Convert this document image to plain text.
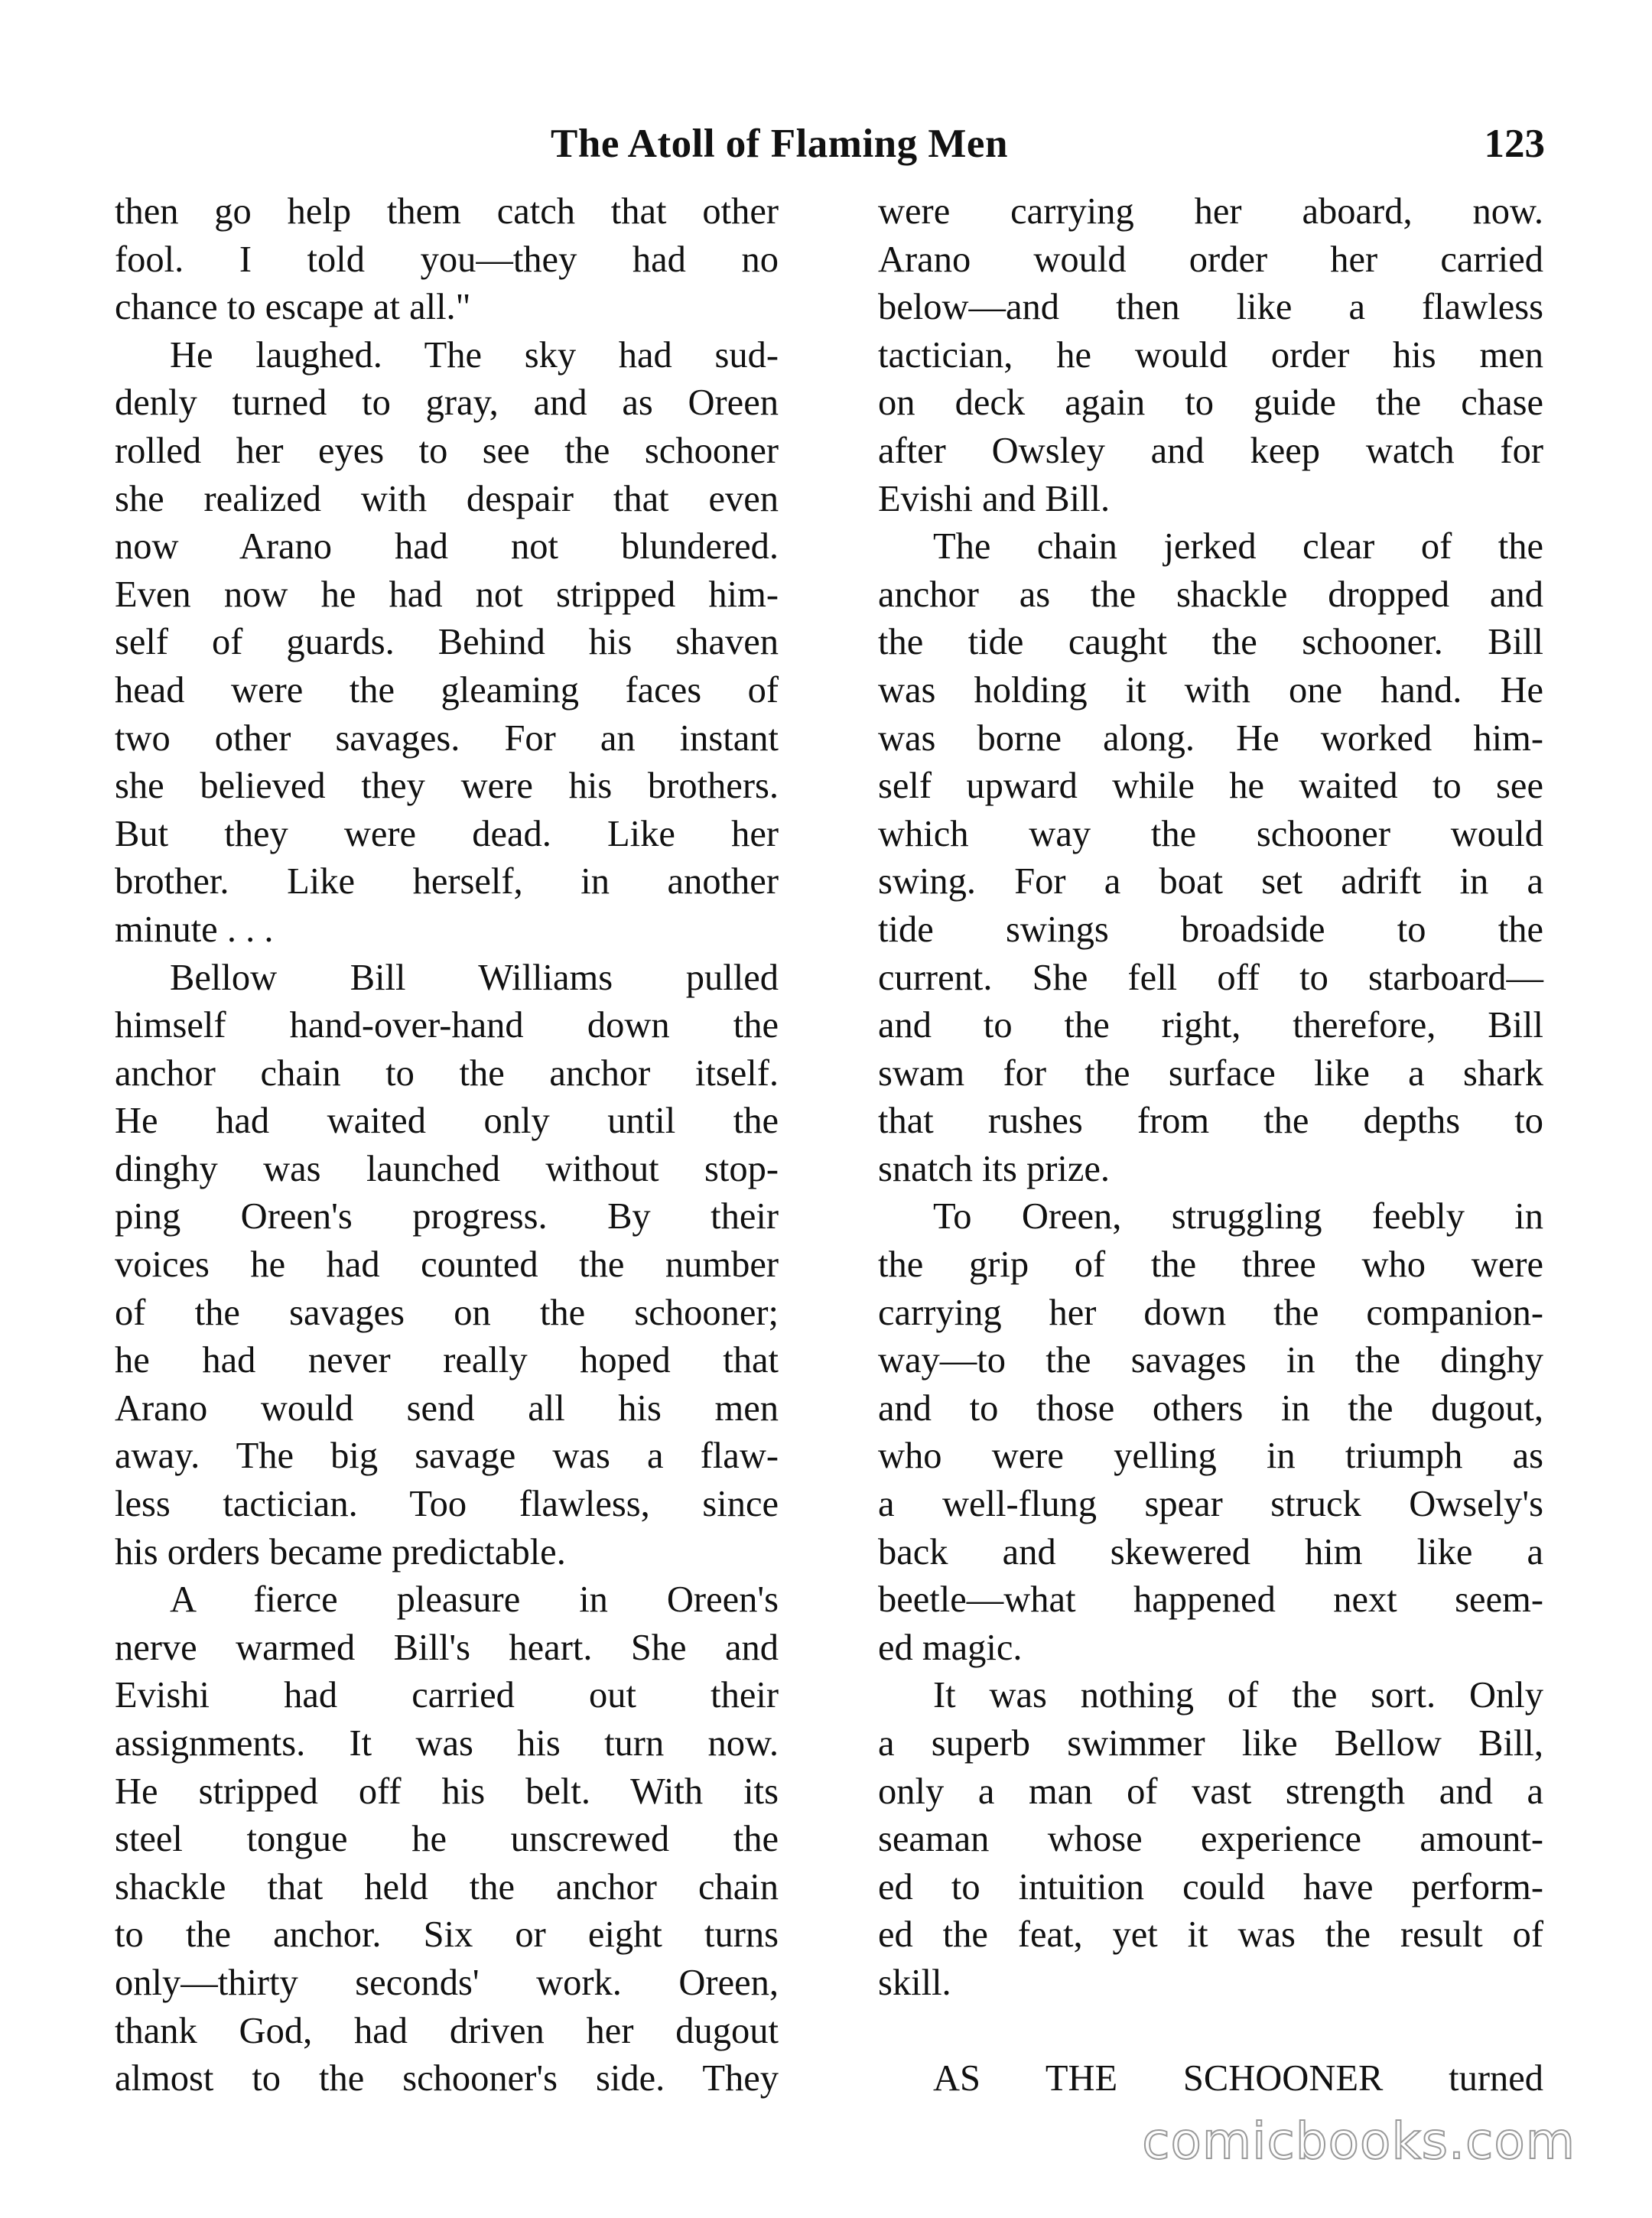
The Atoll of Flaming Men	123
then go help them catch that other
fool. I told you—they had no
chance to escape at all."
He laughed. The sky had sud-
denly turned to gray, and as Oreen
rolled her eyes to see the schooner
she realized with despair that even
now Arano had not blundered.
Even now he had not stripped him-
self of guards. Behind his shaven
head were the gleaming faces of
two other savages. For an instant
she believed they were his brothers.
But they were dead. Like her
brother. Like herself, in another
minute . . .
Bellow Bill Williams pulled
himself hand-over-hand down the
anchor chain to the anchor itself.
He had waited only until the
dinghy was launched without stop-
ping Oreen's progress. By their
voices he had counted the number
of the savages on the schooner;
he had never really hoped that
Arano would send all his men
away. The big savage was a flaw-
less tactician. Too flawless, since
his orders became predictable.
A fierce pleasure in Oreen's
nerve warmed Bill's heart. She and
Evishi had carried out their
assignments. It was his turn now.
He stripped off his belt. With its
steel tongue he unscrewed the
shackle that held the anchor chain
to the anchor. Six or eight turns
only—thirty seconds' work. Oreen,
thank God, had driven her dugout
almost to the schooner's side. They
were carrying her aboard, now.
Arano would order her carried
below—and then like a flawless
tactician, he would order his men
on deck again to guide the chase
after Owsley and keep watch for
Evishi and Bill.
The chain jerked clear of the
anchor as the shackle dropped and
the tide caught the schooner. Bill
was holding it with one hand. He
was borne along. He worked him-
self upward while he waited to see
which way the schooner would
swing. For a boat set adrift in a
tide swings broadside to the
current. She fell off to starboard—
and to the right, therefore, Bill
swam for the surface like a shark
that rushes from the depths to
snatch its prize.
To Oreen, struggling feebly in
the grip of the three who were
carrying her down the companion-
way—to the savages in the dinghy
and to those others in the dugout,
who were yelling in triumph as
a well-flung spear struck Owsely's
back and skewered him like a
beetle—what happened next seem-
ed magic.
It was nothing of the sort. Only
a superb swimmer like Bellow Bill,
only a man of vast strength and a
seaman whose experience amount-
ed to intuition could have perform-
ed the feat, yet it was the result of
skill.
AS THE SCHOONER turned
comicbooks.com
